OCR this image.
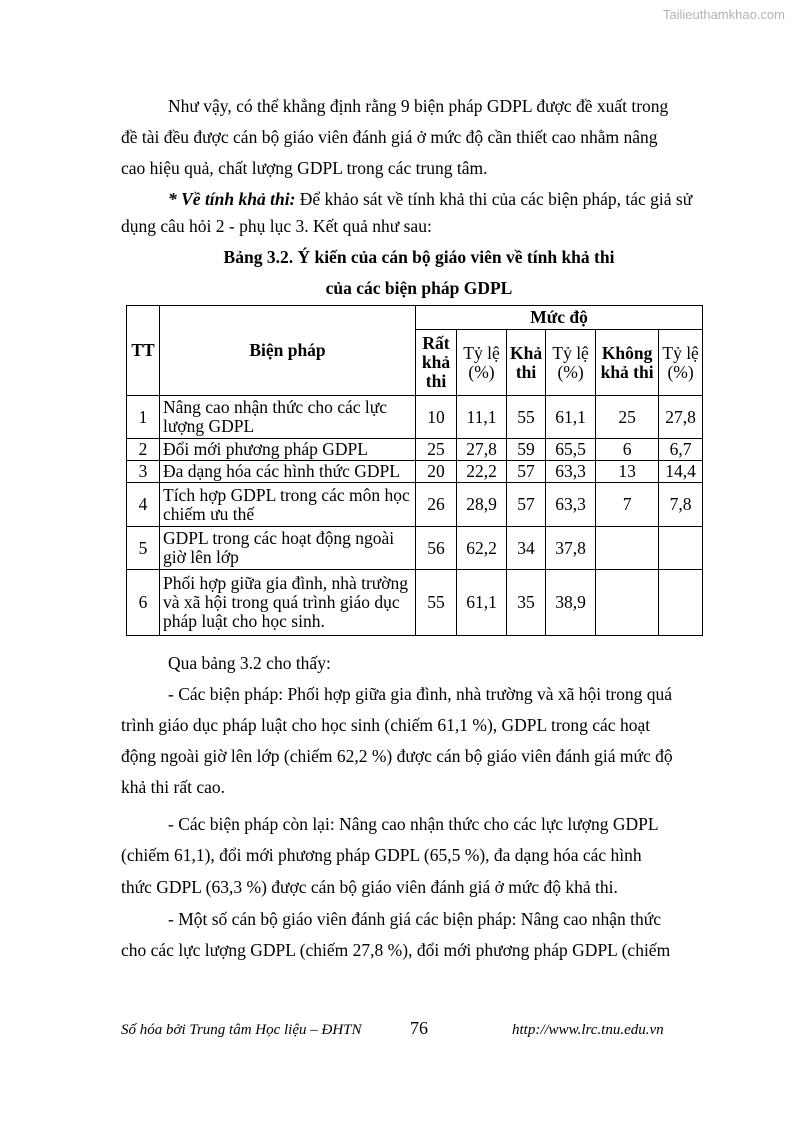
Tailieuthamkhao.com
Như vậy, có thể khẳng định rằng 9 biện pháp GDPL được đề xuất trong
đề tài đều được cán bộ giáo viên đánh giá ở mức độ cần thiết cao nhằm nâng
cao hiệu quả, chất lượng GDPL trong các trung tâm.
* Về tính khả thi: Để khảo sát về tính khả thi của các biện pháp, tác giả sử
dụng câu hỏi 2 - phụ lục 3. Kết quả như sau:
Bảng 3.2. Ý kiến của cán bộ giáo viên về tính khả thi
của các biện pháp GDPL
TT	Biện pháp	Mức độ					
		Rất khả thi	Tỷ lệ (%)	Khả thi	Tỷ lệ (%)	Không khả thi	Tỷ lệ (%)
1	Nâng cao nhận thức cho các lực lượng GDPL	10	11,1	55	61,1	25	27,8
2	Đổi mới phương pháp GDPL	25	27,8	59	65,5	6	6,7
3	Đa dạng hóa các hình thức GDPL	20	22,2	57	63,3	13	14,4
4	Tích hợp GDPL trong các môn học chiếm ưu thế	26	28,9	57	63,3	7	7,8
5	GDPL trong các hoạt động ngoài giờ lên lớp	56	62,2	34	37,8		
6	Phối hợp giữa gia đình, nhà trường và xã hội trong quá trình giáo dục pháp luật cho học sinh.	55	61,1	35	38,9		
Qua bảng 3.2 cho thấy:
- Các biện pháp: Phối hợp giữa gia đình, nhà trường và xã hội trong quá
trình giáo dục pháp luật cho học sinh (chiếm 61,1 %), GDPL trong các hoạt
động ngoài giờ lên lớp (chiếm 62,2 %) được cán bộ giáo viên đánh giá mức độ
khả thi rất cao.
- Các biện pháp còn lại: Nâng cao nhận thức cho các lực lượng GDPL
(chiếm 61,1), đổi mới phương pháp GDPL (65,5 %), đa dạng hóa các hình
thức GDPL (63,3 %) được cán bộ giáo viên đánh giá ở mức độ khả thi.
- Một số cán bộ giáo viên đánh giá các biện pháp: Nâng cao nhận thức
cho các lực lượng GDPL (chiếm 27,8 %), đổi mới phương pháp GDPL (chiếm
Số hóa bởi Trung tâm Học liệu – ĐHTN	76	http://www.lrc.tnu.edu.vn
